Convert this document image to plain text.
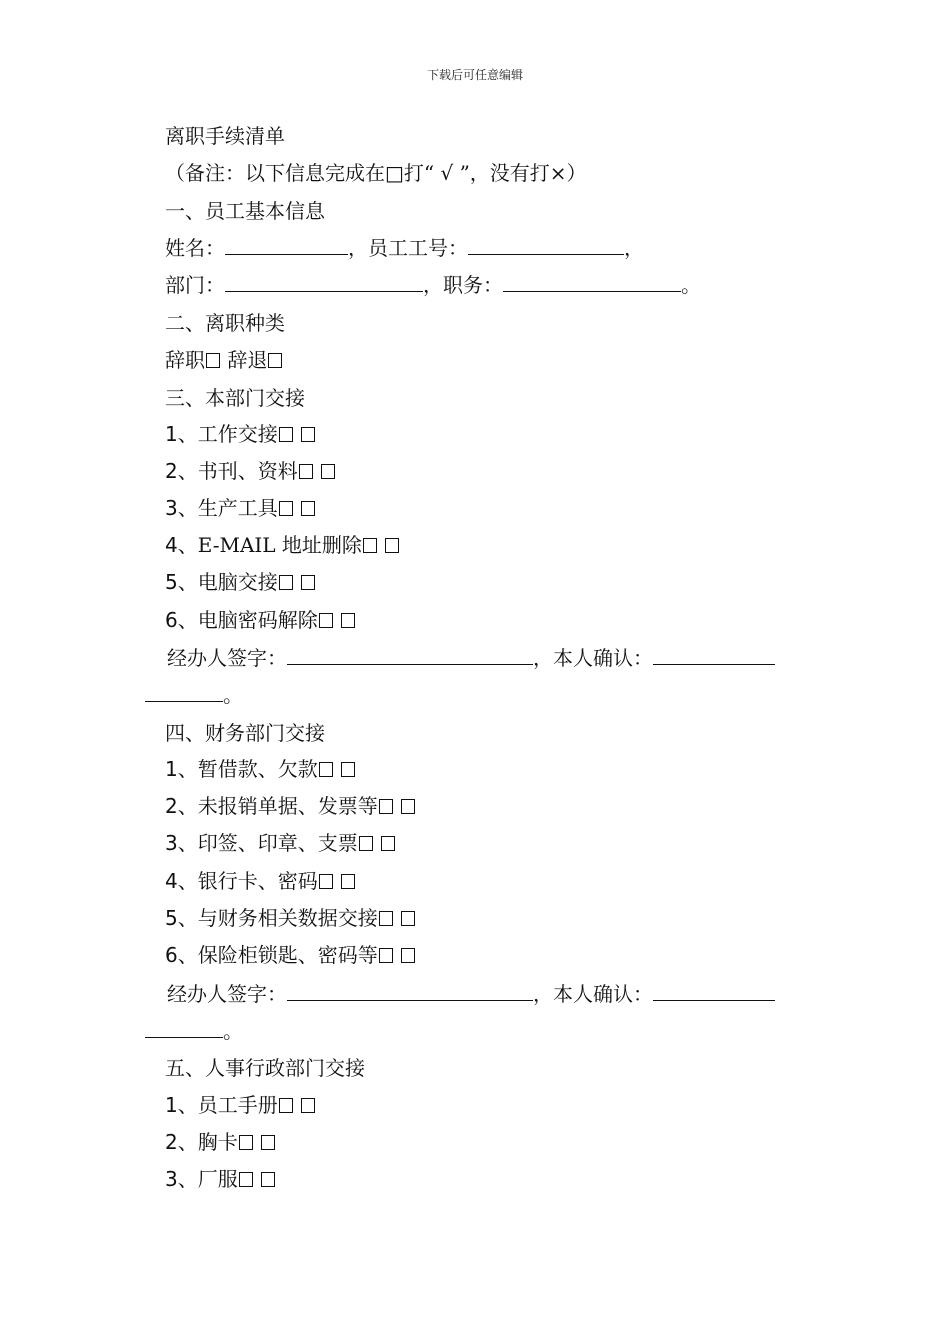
下载后可任意编辑
离职手续清单
（备注：以下信息完成在□打“ √ ”，没有打×）
一、员工基本信息
姓名：	，员工工号：	，
部门：	，职务：	。
二、离职种类
辞职 辞退
三、本部门交接
1、工作交接
2、书刊、资料
3、生产工具
4、E-MAIL 地址删除
5、电脑交接
6、电脑密码解除
经办人签字：	，本人确认：
。
四、财务部门交接
1、暂借款、欠款
2、未报销单据、发票等
3、印签、印章、支票
4、银行卡、密码
5、与财务相关数据交接
6、保险柜锁匙、密码等
经办人签字：	，本人确认：
。
五、人事行政部门交接
1、员工手册
2、胸卡
3、厂服
